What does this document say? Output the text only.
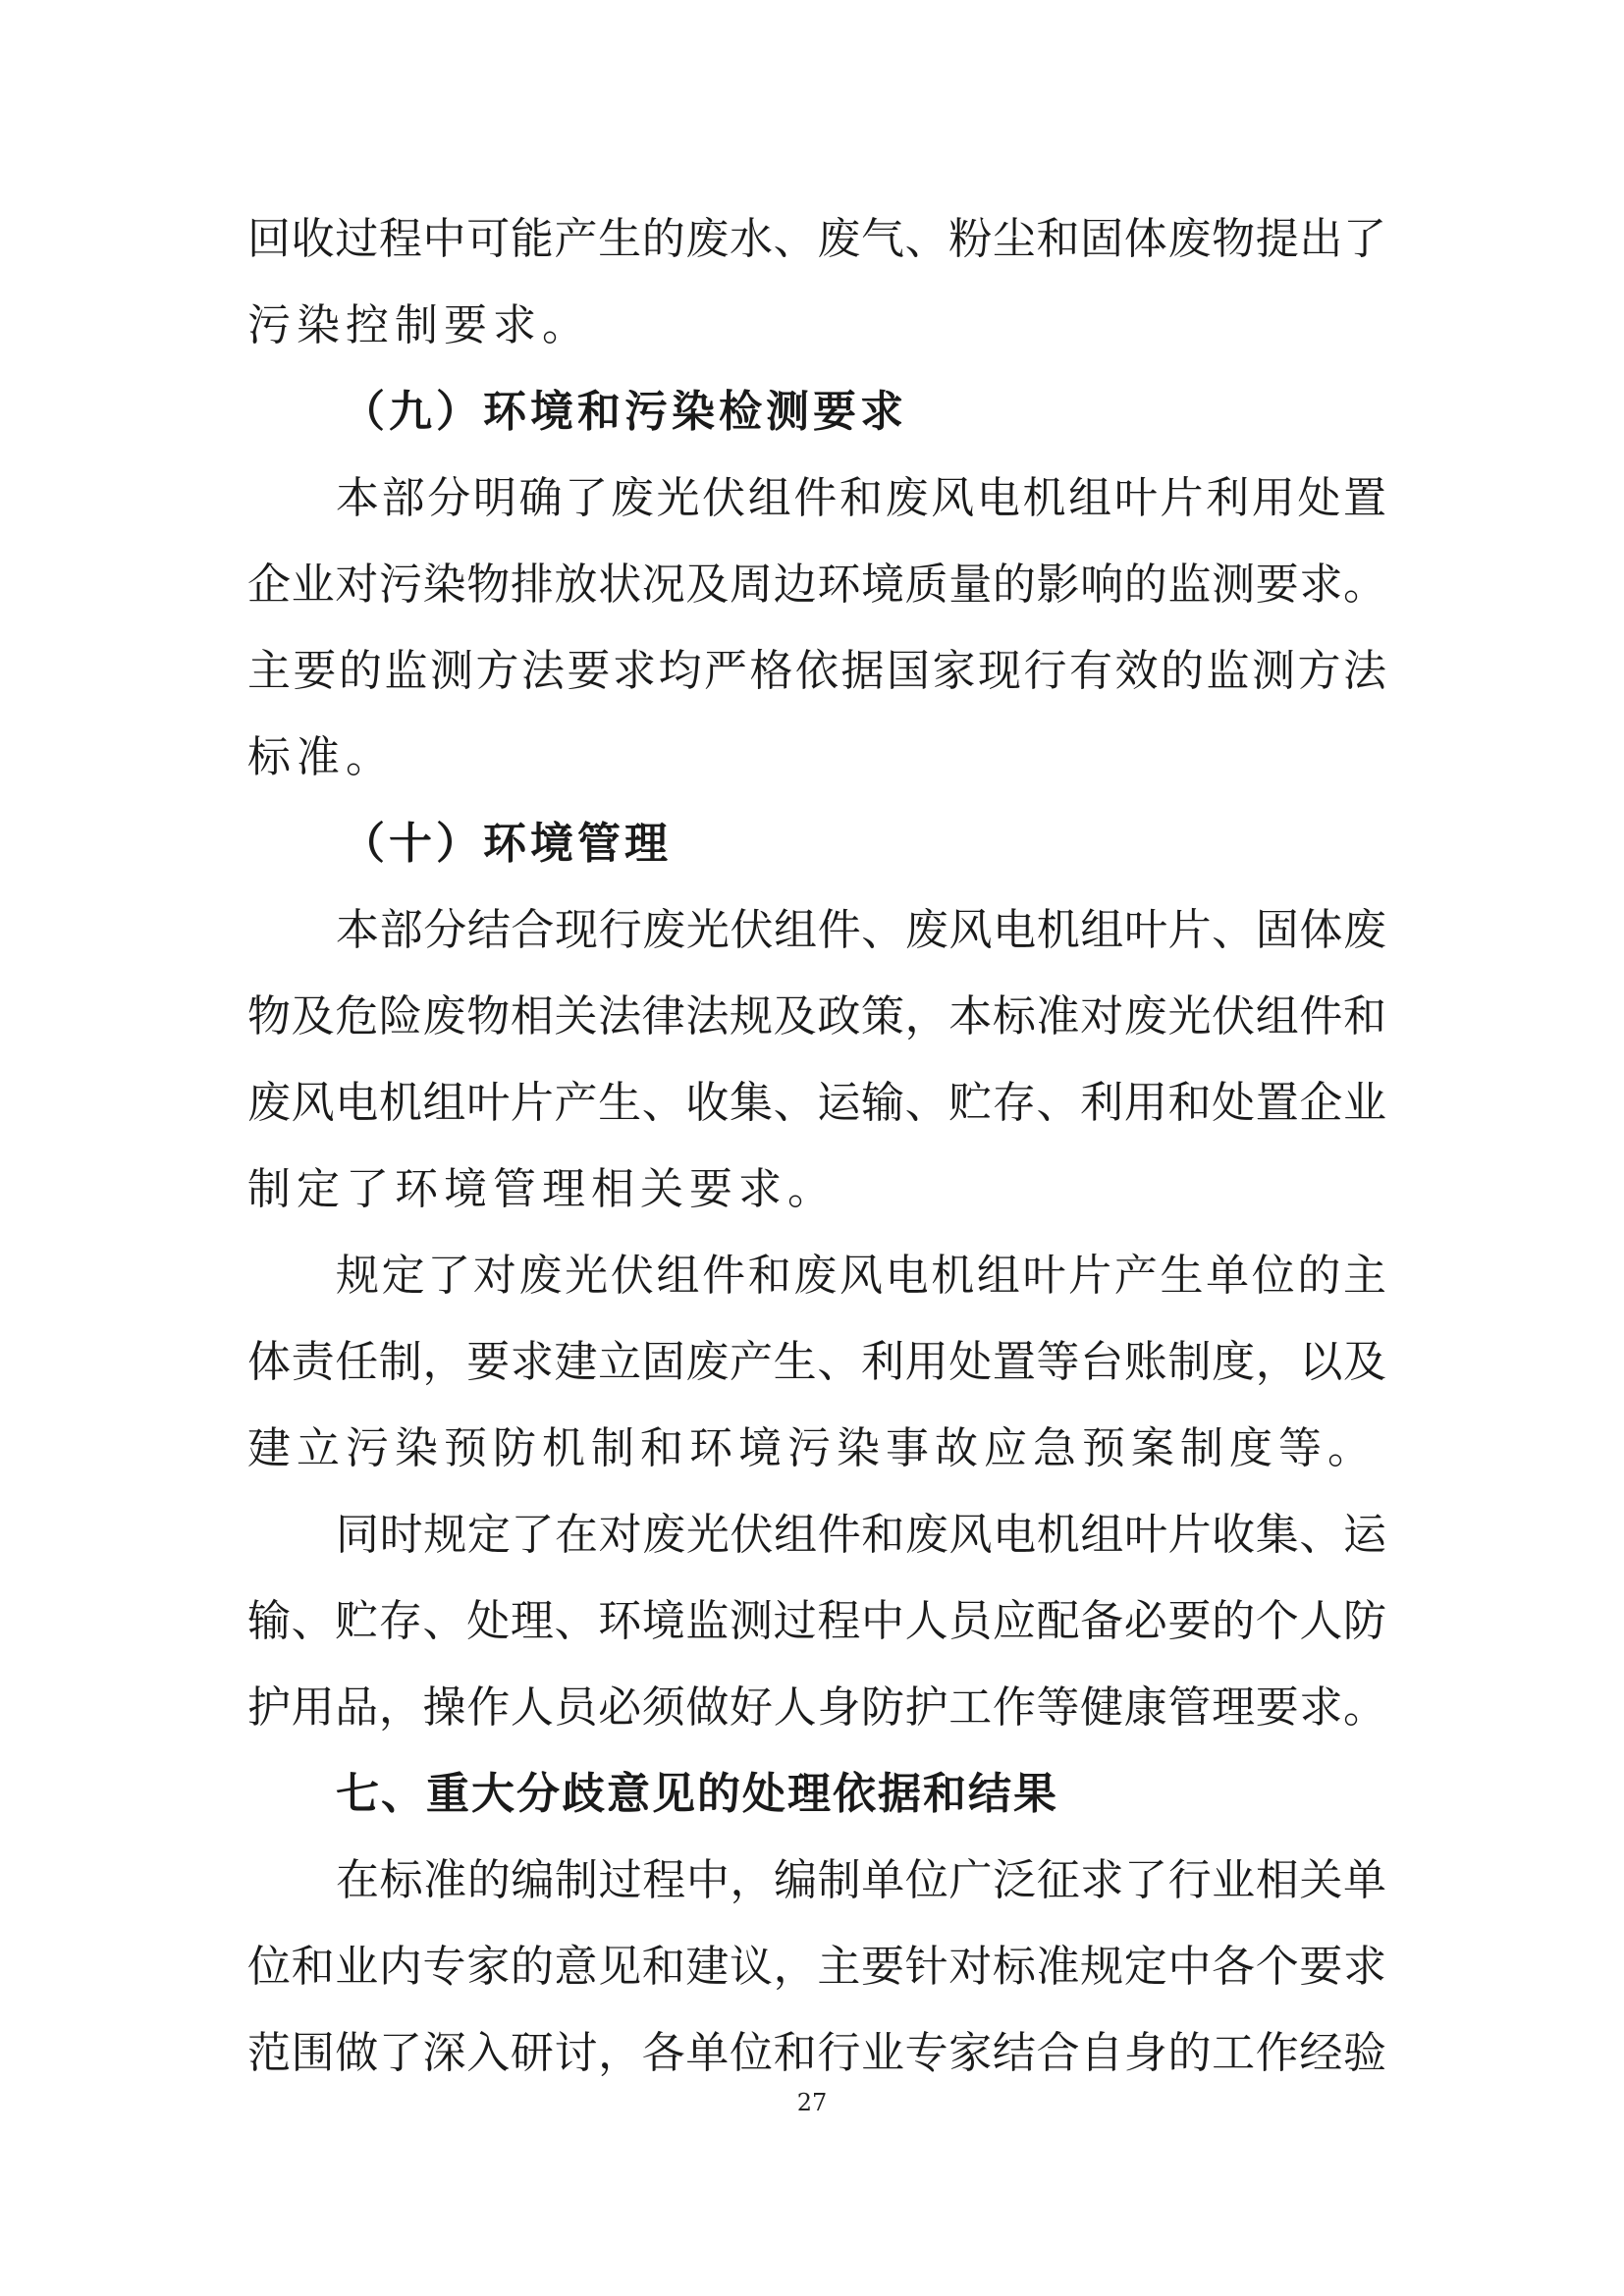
回收过程中可能产生的废水、废气、粉尘和固体废物提出了
污染控制要求。
（九）环境和污染检测要求
本部分明确了废光伏组件和废风电机组叶片利用处置
企业对污染物排放状况及周边环境质量的影响的监测要求。
主要的监测方法要求均严格依据国家现行有效的监测方法
标准。
（十）环境管理
本部分结合现行废光伏组件、废风电机组叶片、固体废
物及危险废物相关法律法规及政策，本标准对废光伏组件和
废风电机组叶片产生、收集、运输、贮存、利用和处置企业
制定了环境管理相关要求。
规定了对废光伏组件和废风电机组叶片产生单位的主
体责任制，要求建立固废产生、利用处置等台账制度，以及
建立污染预防机制和环境污染事故应急预案制度等。
同时规定了在对废光伏组件和废风电机组叶片收集、运
输、贮存、处理、环境监测过程中人员应配备必要的个人防
护用品，操作人员必须做好人身防护工作等健康管理要求。
七、重大分歧意见的处理依据和结果
在标准的编制过程中，编制单位广泛征求了行业相关单
位和业内专家的意见和建议，主要针对标准规定中各个要求
范围做了深入研讨，各单位和行业专家结合自身的工作经验
27
